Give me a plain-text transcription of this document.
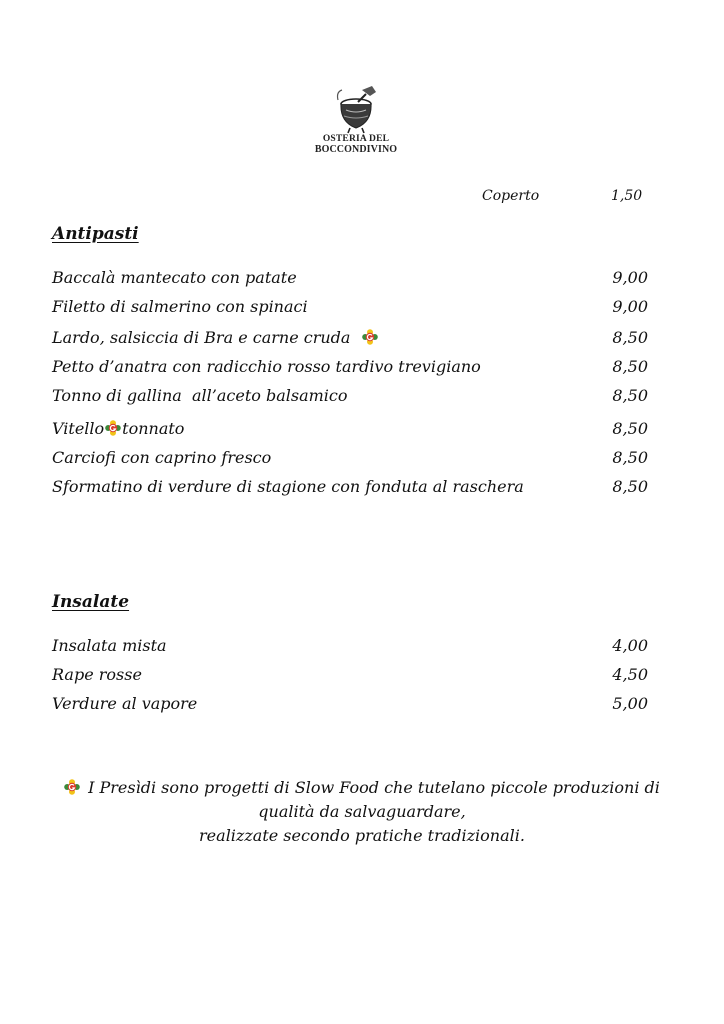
OSTERIA DEL
BOCCONDIVINO
Coperto	1,50
Antipasti
Baccalà mantecato con patate	9,00
Filetto di salmerino con spinaci	9,00
Lardo, salsiccia di Bra e carne cruda	8,50
Petto d’anatra con radicchio rosso tardivo trevigiano	8,50
Tonno di gallina  all’aceto balsamico	8,50
Vitello tonnato	8,50
Carciofi con caprino fresco	8,50
Sformatino di verdure di stagione con fonduta al raschera	8,50
Insalate
Insalata mista	4,00
Rape rosse	4,50
Verdure al vapore	5,00
I Presìdi sono progetti di Slow Food che tutelano piccole produzioni di
qualità da salvaguardare,
realizzate secondo pratiche tradizionali.
